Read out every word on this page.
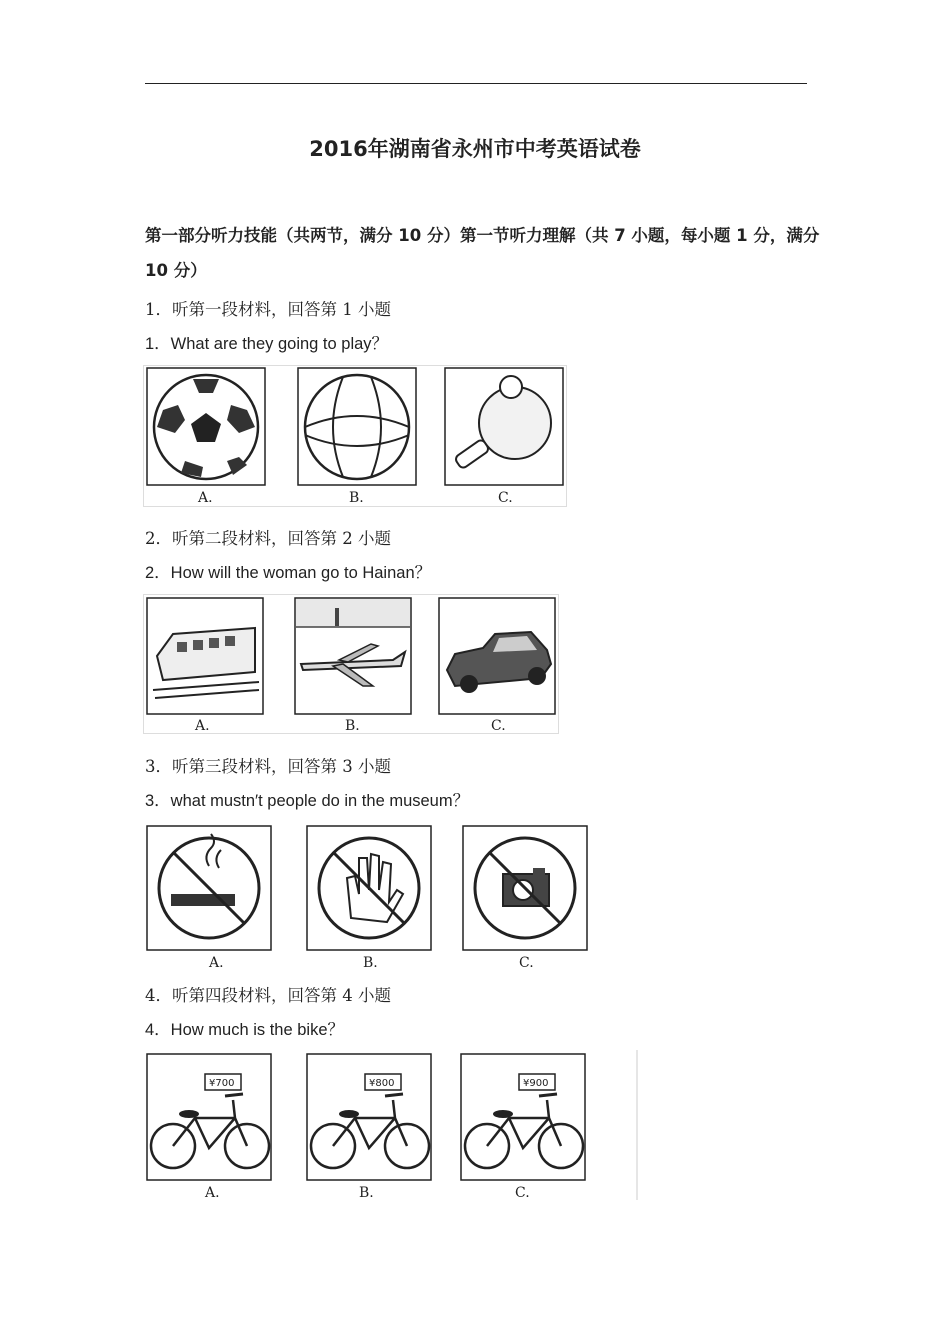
2016年湖南省永州市中考英语试卷
第一部分听力技能（共两节，满分 10 分）第一节听力理解（共 7 小题，每小题 1 分，满分 10 分）
1．听第一段材料，回答第 1 小题
1．What are they going to play？
A.	B.	C.
2．听第二段材料，回答第 2 小题
2．How will the woman go to Hainan？
A.	B.	C.
3．听第三段材料，回答第 3 小题
3．what mustn′t people do in the museum？
A.	B.	C.
4．听第四段材料，回答第 4 小题
4．How much is the bike？
¥700
A.
¥800
B.
¥900
C.
